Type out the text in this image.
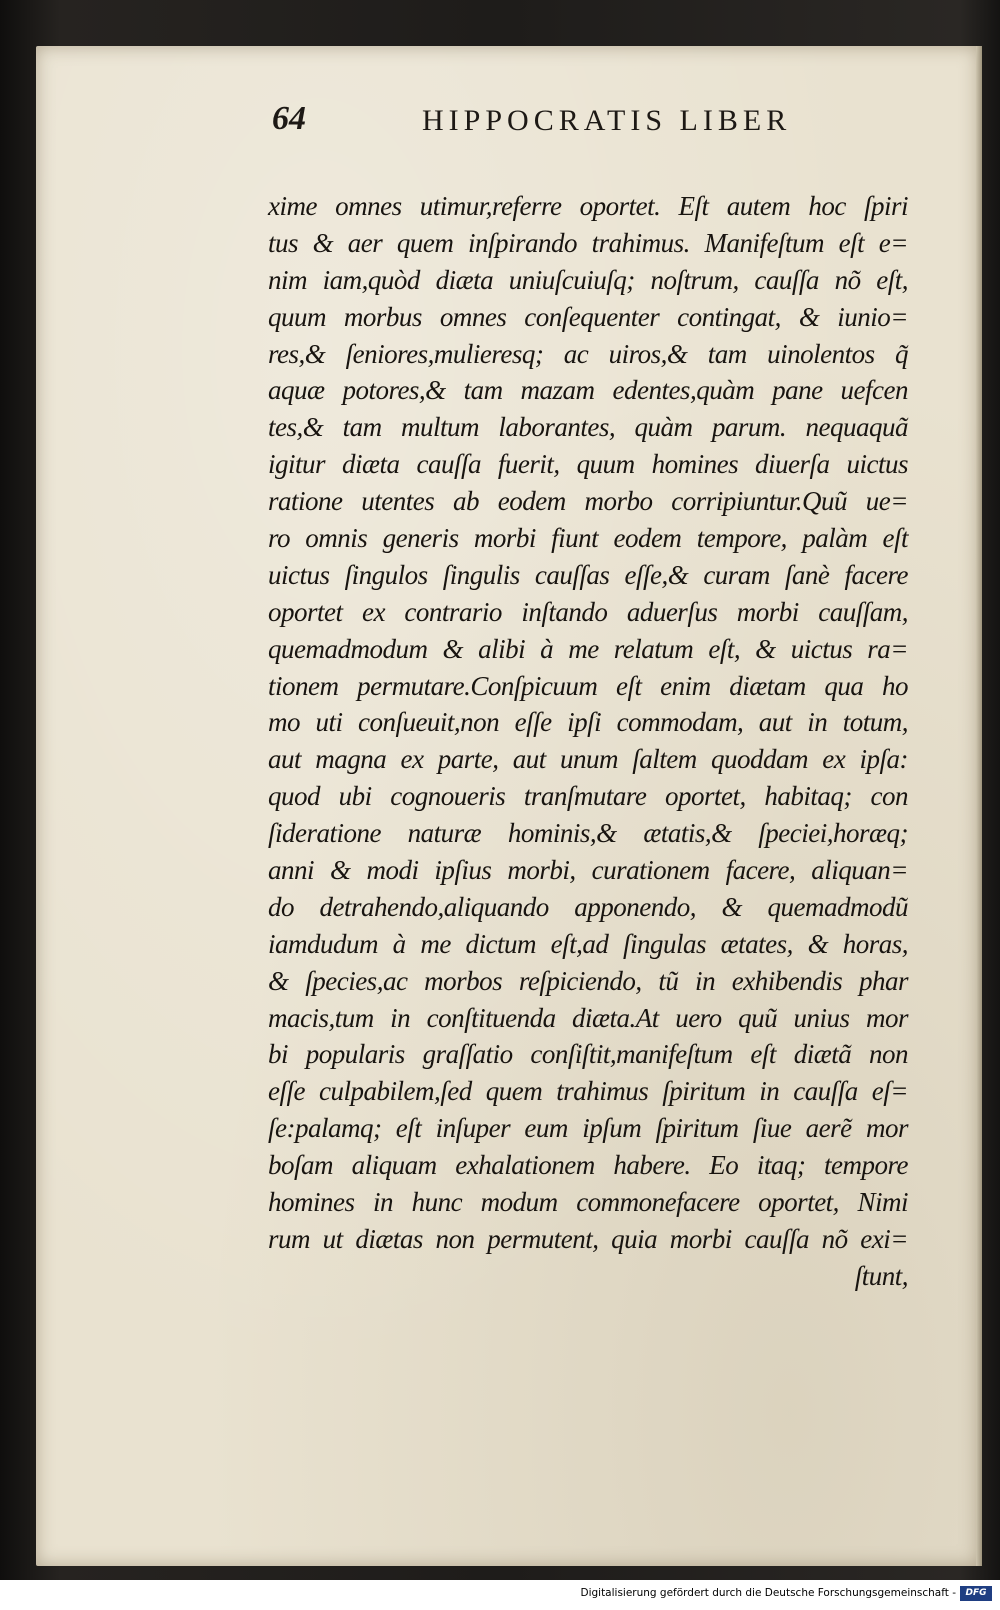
64	HIPPOCRATIS LIBER
xime omnes utimur,referre oportet. Eſt autem hoc ſpiri
tus & aer quem inſpirando trahimus. Manifeſtum eſt e=
nim iam,quòd diæta uniuſcuiuſq; noſtrum, cauſſa nõ eſt,
quum morbus omnes conſequenter contingat, & iunio=
res,& ſeniores,mulieresq; ac uiros,& tam uinolentos q̃
aquæ potores,& tam mazam edentes,quàm pane uefcen
tes,& tam multum laborantes, quàm parum. nequaquã
igitur diæta cauſſa fuerit, quum homines diuerſa uictus
ratione utentes ab eodem morbo corripiuntur.Quũ ue=
ro omnis generis morbi fiunt eodem tempore, palàm eſt
uictus ſingulos ſingulis cauſſas eſſe,& curam ſanè facere
oportet ex contrario inſtando aduerſus morbi cauſſam,
quemadmodum & alibi à me relatum eſt, & uictus ra=
tionem permutare.Conſpicuum eſt enim diætam qua ho
mo uti conſueuit,non eſſe ipſi commodam, aut in totum,
aut magna ex parte, aut unum ſaltem quoddam ex ipſa:
quod ubi cognoueris tranſmutare oportet, habitaq; con
ſideratione naturæ hominis,& ætatis,& ſpeciei,horæq;
anni & modi ipſius morbi, curationem facere, aliquan=
do detrahendo,aliquando apponendo, & quemadmodũ
iamdudum à me dictum eſt,ad ſingulas ætates, & horas,
& ſpecies,ac morbos reſpiciendo, tũ in exhibendis phar
macis,tum in conſtituenda diæta.At uero quũ unius mor
bi popularis graſſatio conſiſtit,manifeſtum eſt diætã non
eſſe culpabilem,ſed quem trahimus ſpiritum in cauſſa eſ=
ſe:palamq; eſt inſuper eum ipſum ſpiritum ſiue aerẽ mor
boſam aliquam exhalationem habere. Eo itaq; tempore
homines in hunc modum commonefacere oportet, Nimi
rum ut diætas non permutent, quia morbi cauſſa nõ exi=
ſtunt,
Digitalisierung gefördert durch die Deutsche Forschungsgemeinschaft -	DFG
